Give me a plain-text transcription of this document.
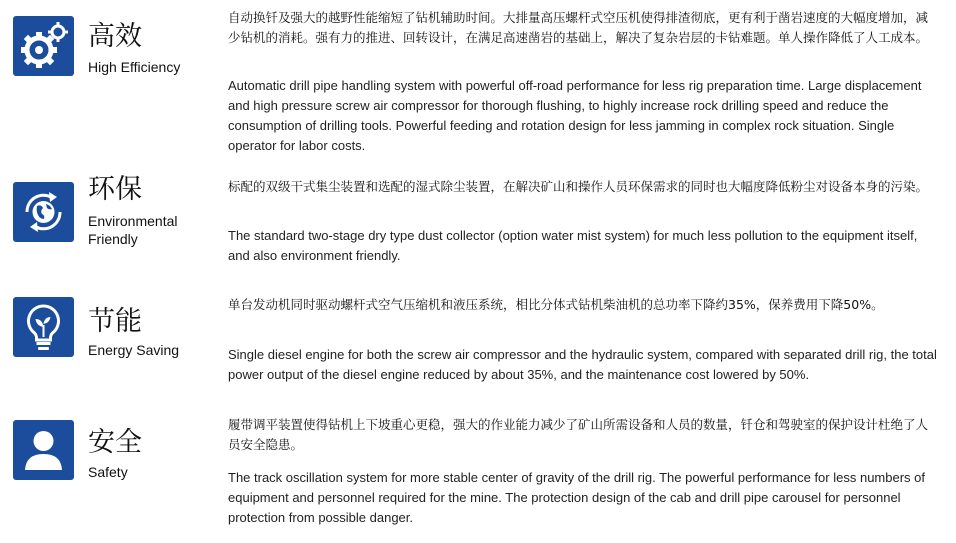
高效
High Efficiency
自动换钎及强大的越野性能缩短了钻机辅助时间。大排量高压螺杆式空压机使得排渣彻底，更有利于凿岩速度的大幅度增加，减少钻机的消耗。强有力的推进、回转设计，在满足高速凿岩的基础上，解决了复杂岩层的卡钻难题。单人操作降低了人工成本。
Automatic drill pipe handling system with powerful off-road performance for less rig preparation time. Large displacement and high pressure screw air compressor for thorough flushing, to highly increase rock drilling speed and reduce the consumption of drilling tools. Powerful feeding and rotation design for less jamming in complex rock situation. Single operator for labor costs.
环保
Environmental Friendly
标配的双级干式集尘装置和选配的湿式除尘装置，在解决矿山和操作人员环保需求的同时也大幅度降低粉尘对设备本身的污染。
The standard two-stage dry type dust collector (option water mist system) for much less pollution to the equipment itself, and also environment friendly.
节能
Energy Saving
单台发动机同时驱动螺杆式空气压缩机和液压系统，相比分体式钻机柴油机的总功率下降约35%，保养费用下降50%。
Single diesel engine for both the screw air compressor and the hydraulic system, compared with separated drill rig, the total power output of the diesel engine reduced by about 35%, and the maintenance cost lowered by 50%.
安全
Safety
履带调平装置使得钻机上下坡重心更稳，强大的作业能力减少了矿山所需设备和人员的数量，钎仓和驾驶室的保护设计杜绝了人员安全隐患。
The track oscillation system for more stable center of gravity of the drill rig. The powerful performance for less numbers of equipment and personnel required for the mine. The protection design of the cab and drill pipe carousel for personnel protection from possible danger.
